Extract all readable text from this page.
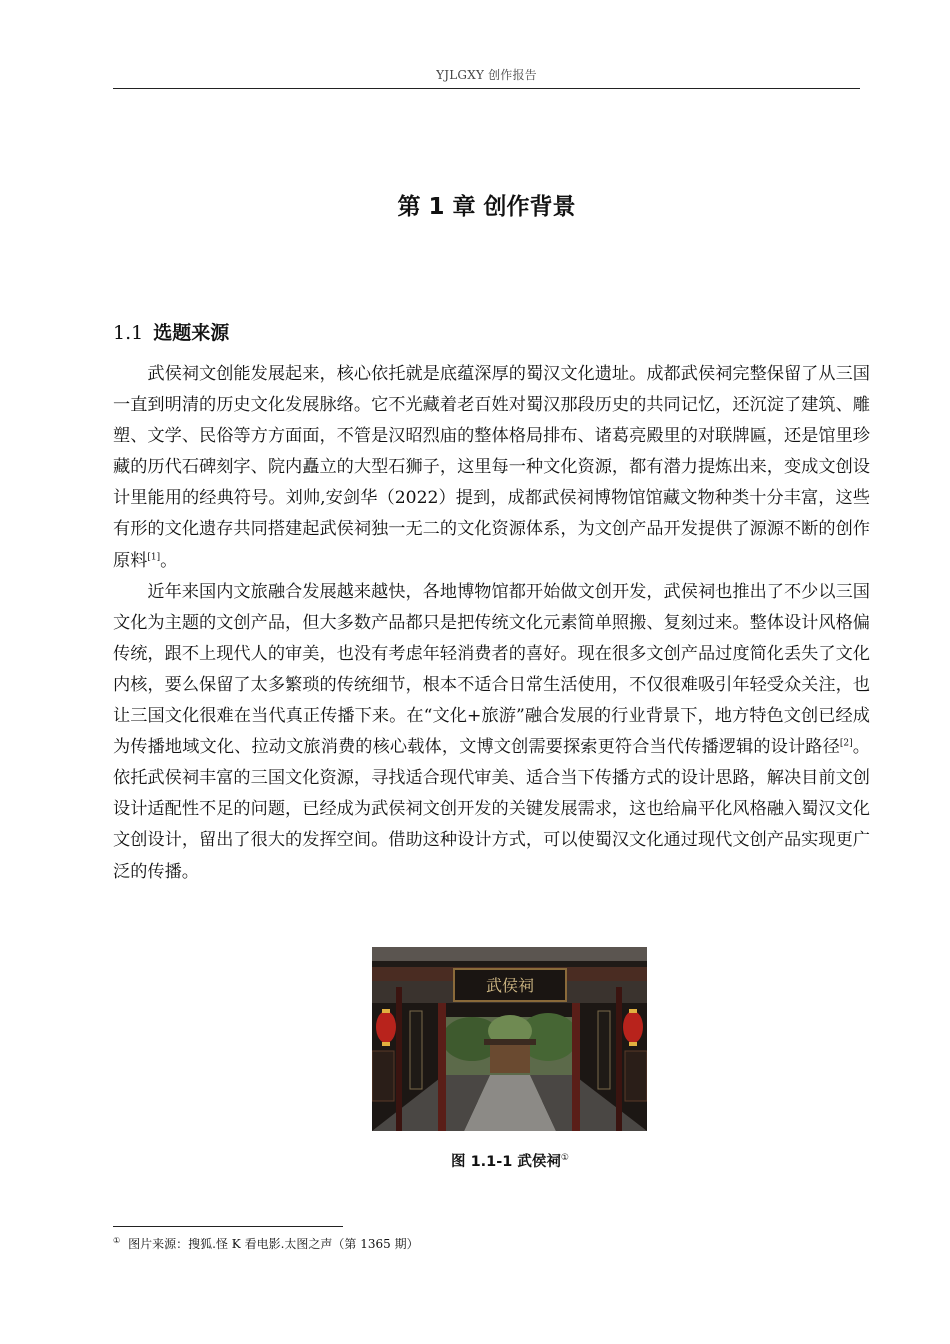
YJLGXY 创作报告
第 1 章 创作背景
1.1 选题来源

武侯祠文创能发展起来，核心依托就是底蕴深厚的蜀汉文化遗址。成都武侯祠完整保留了从三国一直到明清的历史文化发展脉络。它不光藏着老百姓对蜀汉那段历史的共同记忆，还沉淀了建筑、雕塑、文学、民俗等方方面面，不管是汉昭烈庙的整体格局排布、诸葛亮殿里的对联牌匾，还是馆里珍藏的历代石碑刻字、院内矗立的大型石狮子，这里每一种文化资源，都有潜力提炼出来，变成文创设计里能用的经典符号。刘帅,安剑华（2022）提到，成都武侯祠博物馆馆藏文物种类十分丰富，这些有形的文化遗存共同搭建起武侯祠独一无二的文化资源体系，为文创产品开发提供了源源不断的创作原料[1]。

近年来国内文旅融合发展越来越快，各地博物馆都开始做文创开发，武侯祠也推出了不少以三国文化为主题的文创产品，但大多数产品都只是把传统文化元素简单照搬、复刻过来。整体设计风格偏传统，跟不上现代人的审美，也没有考虑年轻消费者的喜好。现在很多文创产品过度简化丢失了文化内核，要么保留了太多繁琐的传统细节，根本不适合日常生活使用，不仅很难吸引年轻受众关注，也让三国文化很难在当代真正传播下来。在“文化+旅游”融合发展的行业背景下，地方特色文创已经成为传播地域文化、拉动文旅消费的核心载体，文博文创需要探索更符合当代传播逻辑的设计路径[2]。依托武侯祠丰富的三国文化资源，寻找适合现代审美、适合当下传播方式的设计思路，解决目前文创设计适配性不足的问题，已经成为武侯祠文创开发的关键发展需求，这也给扁平化风格融入蜀汉文化文创设计，留出了很大的发挥空间。借助这种设计方式，可以使蜀汉文化通过现代文创产品实现更广泛的传播。

武侯祠
图 1.1-1 武侯祠①
① 图片来源：搜狐.怪 K 看电影.太图之声（第 1365 期）
